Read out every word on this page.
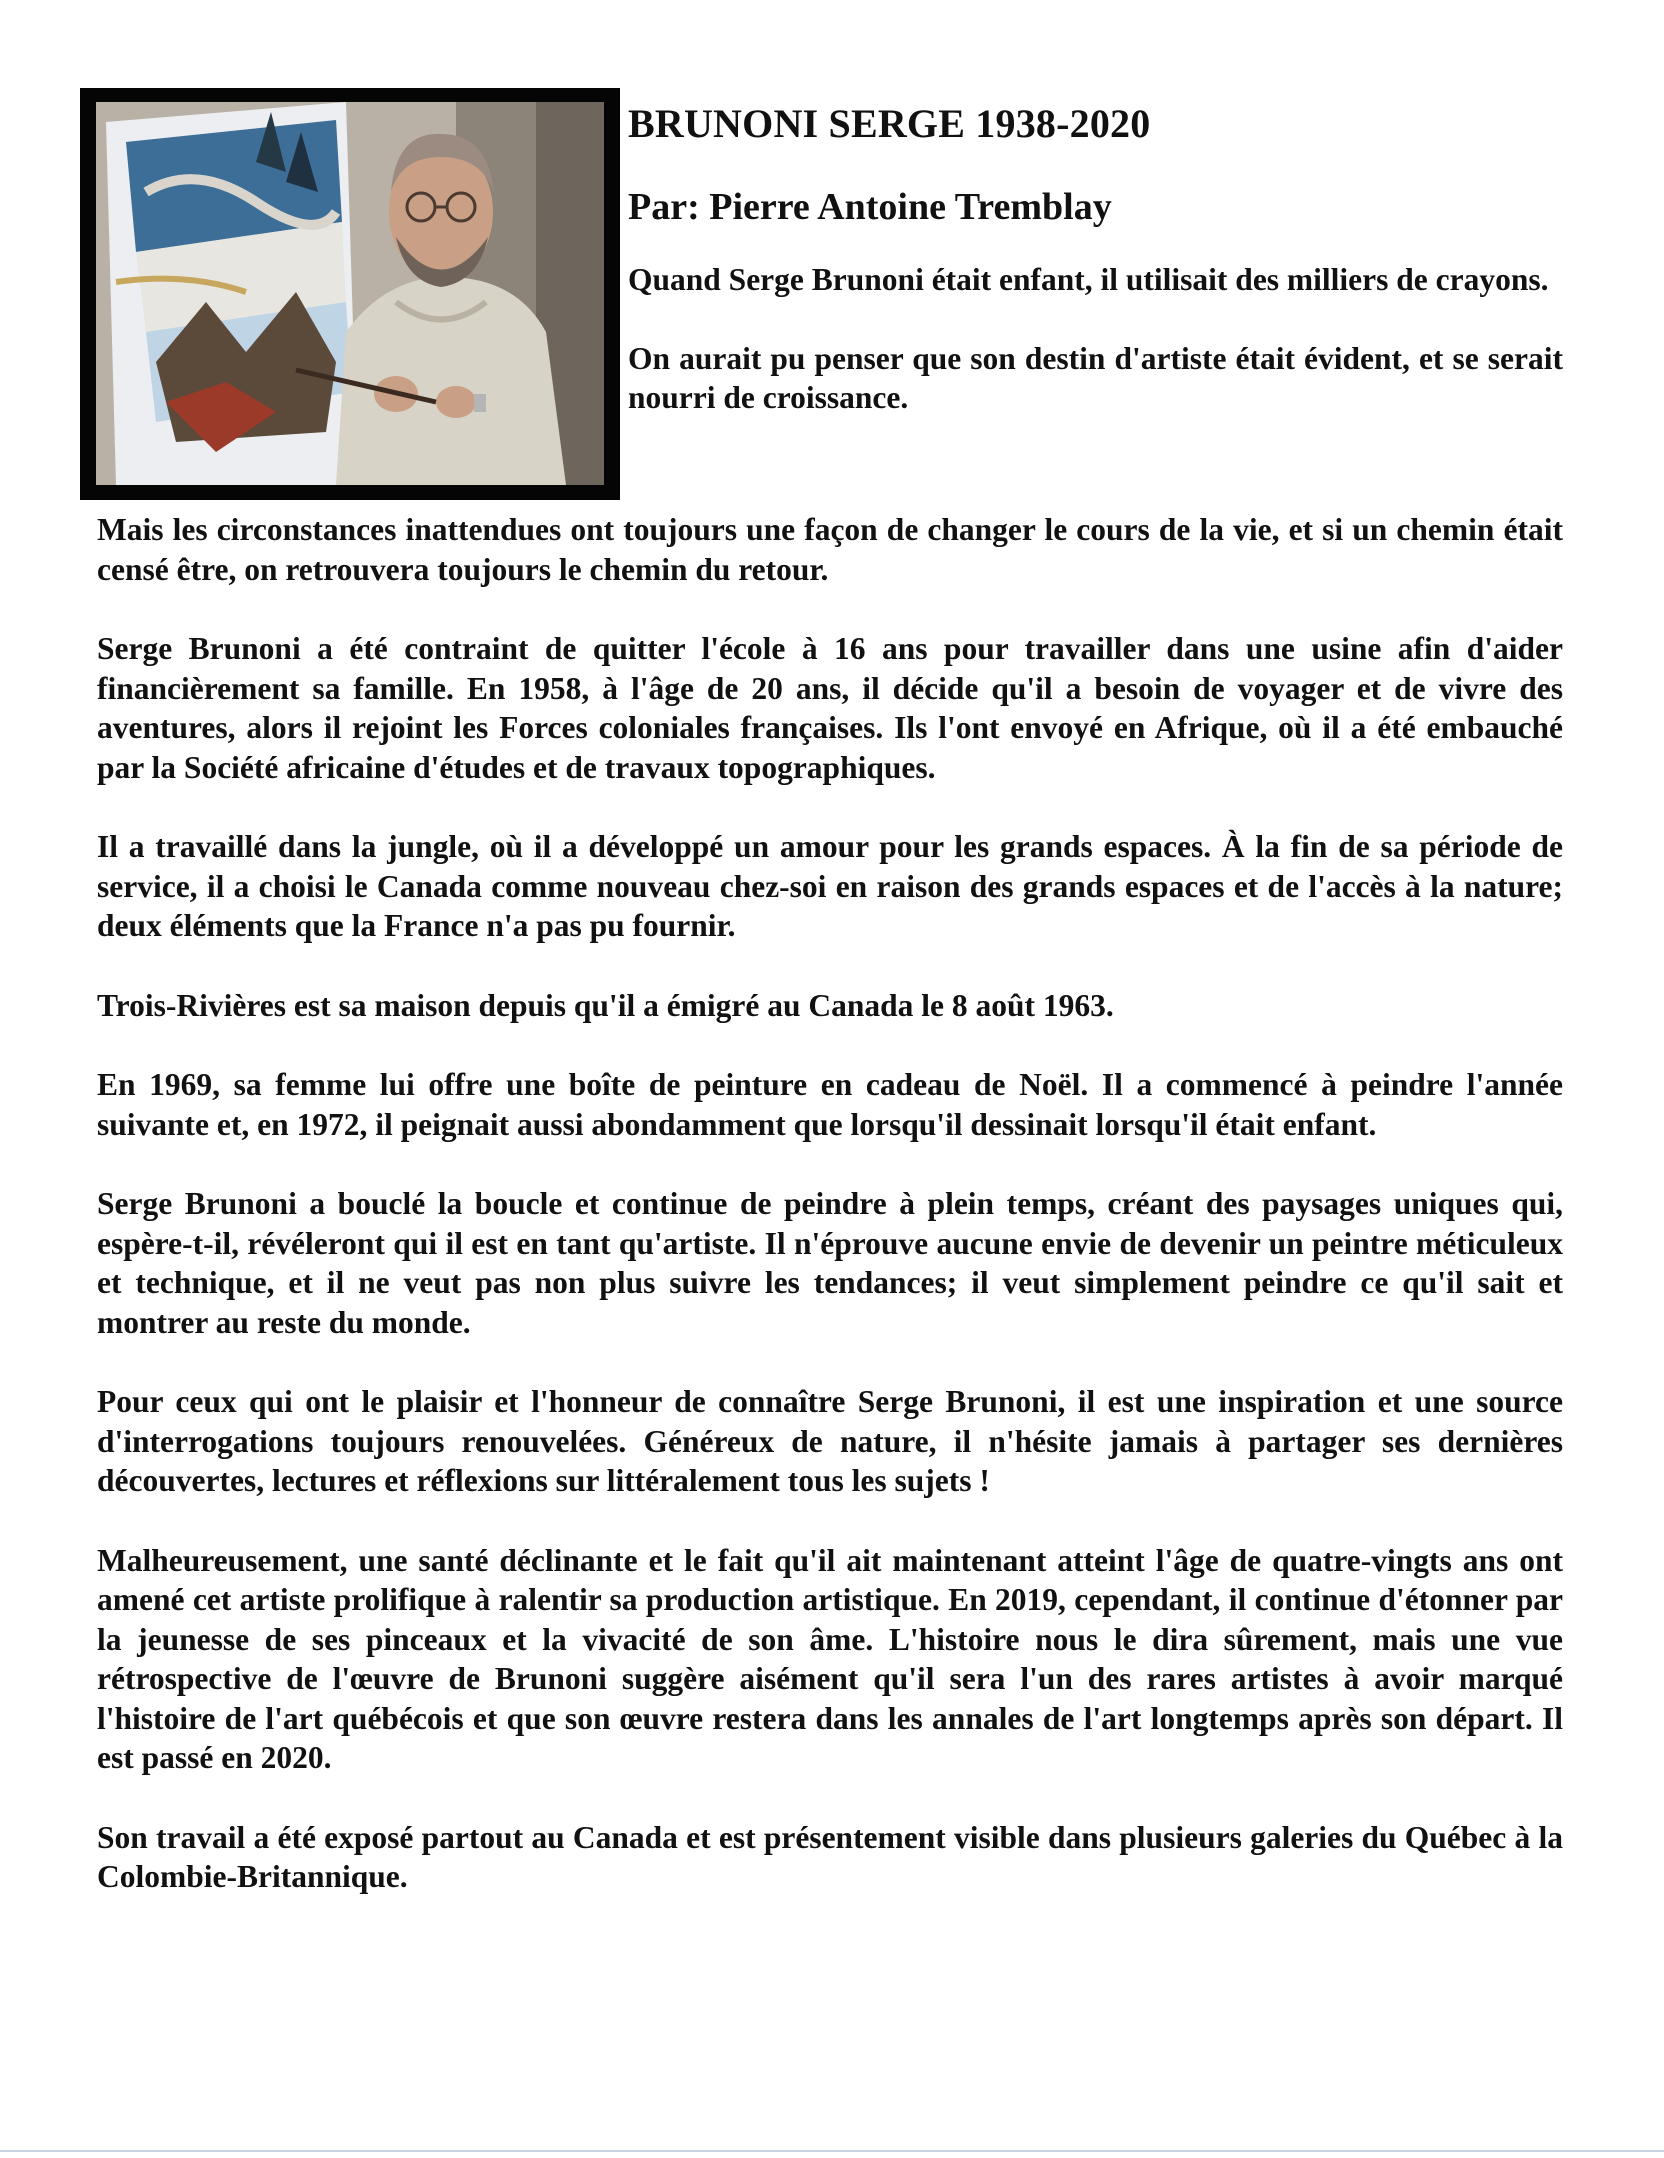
BRUNONI SERGE 1938-2020

Par: Pierre Antoine Tremblay

Quand Serge Brunoni était enfant, il utilisait des milliers de crayons.

On aurait pu penser que son destin d'artiste était évident, et se serait nourri de croissance.

Mais les circonstances inattendues ont toujours une façon de changer le cours de la vie, et si un chemin était censé être, on retrouvera toujours le chemin du retour.

Serge Brunoni a été contraint de quitter l'école à 16 ans pour travailler dans une usine afin d'aider financièrement sa famille. En 1958, à l'âge de 20 ans, il décide qu'il a besoin de voyager et de vivre des aventures, alors il rejoint les Forces coloniales françaises. Ils l'ont envoyé en Afrique, où il a été embauché par la Société africaine d'études et de travaux topographiques.

Il a travaillé dans la jungle, où il a développé un amour pour les grands espaces. À la fin de sa période de service, il a choisi le Canada comme nouveau chez-soi en raison des grands espaces et de l'accès à la nature; deux éléments que la France n'a pas pu fournir.

Trois-Rivières est sa maison depuis qu'il a émigré au Canada le 8 août 1963.

En 1969, sa femme lui offre une boîte de peinture en cadeau de Noël. Il a commencé à peindre l'année suivante et, en 1972, il peignait aussi abondamment que lorsqu'il dessinait lorsqu'il était enfant.

Serge Brunoni a bouclé la boucle et continue de peindre à plein temps, créant des paysages uniques qui, espère-t-il, révéleront qui il est en tant qu'artiste. Il n'éprouve aucune envie de devenir un peintre méticuleux et technique, et il ne veut pas non plus suivre les tendances; il veut simplement peindre ce qu'il sait et montrer au reste du monde.

Pour ceux qui ont le plaisir et l'honneur de connaître Serge Brunoni, il est une inspiration et une source d'interrogations toujours renouvelées. Généreux de nature, il n'hésite jamais à partager ses dernières découvertes, lectures et réflexions sur littéralement tous les sujets !

Malheureusement, une santé déclinante et le fait qu'il ait maintenant atteint l'âge de quatre-vingts ans ont amené cet artiste prolifique à ralentir sa production artistique. En 2019, cependant, il continue d'étonner par la jeunesse de ses pinceaux et la vivacité de son âme. L'histoire nous le dira sûrement, mais une vue rétrospective de l'œuvre de Brunoni suggère aisément qu'il sera l'un des rares artistes à avoir marqué l'histoire de l'art québécois et que son œuvre restera dans les annales de l'art longtemps après son départ. Il est passé en 2020.

Son travail a été exposé partout au Canada et est présentement visible dans plusieurs galeries du Québec à la Colombie-Britannique.
